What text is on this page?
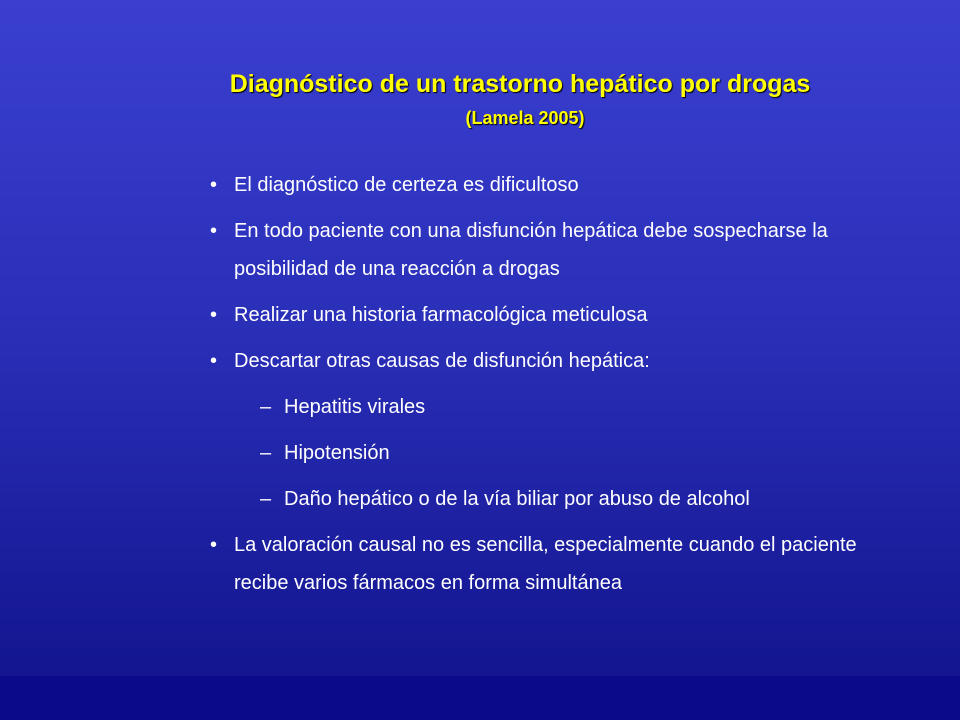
Diagnóstico de un trastorno hepático por drogas
(Lamela 2005)
• El diagnóstico de certeza es dificultoso
• En todo paciente con una disfunción hepática debe sospecharse la posibilidad de una reacción a drogas
• Realizar una historia farmacológica meticulosa
• Descartar otras causas de disfunción hepática:
– Hepatitis virales
– Hipotensión
– Daño hepático o de la vía biliar por abuso de alcohol
• La valoración causal no es sencilla, especialmente cuando el paciente recibe varios fármacos en forma simultánea
